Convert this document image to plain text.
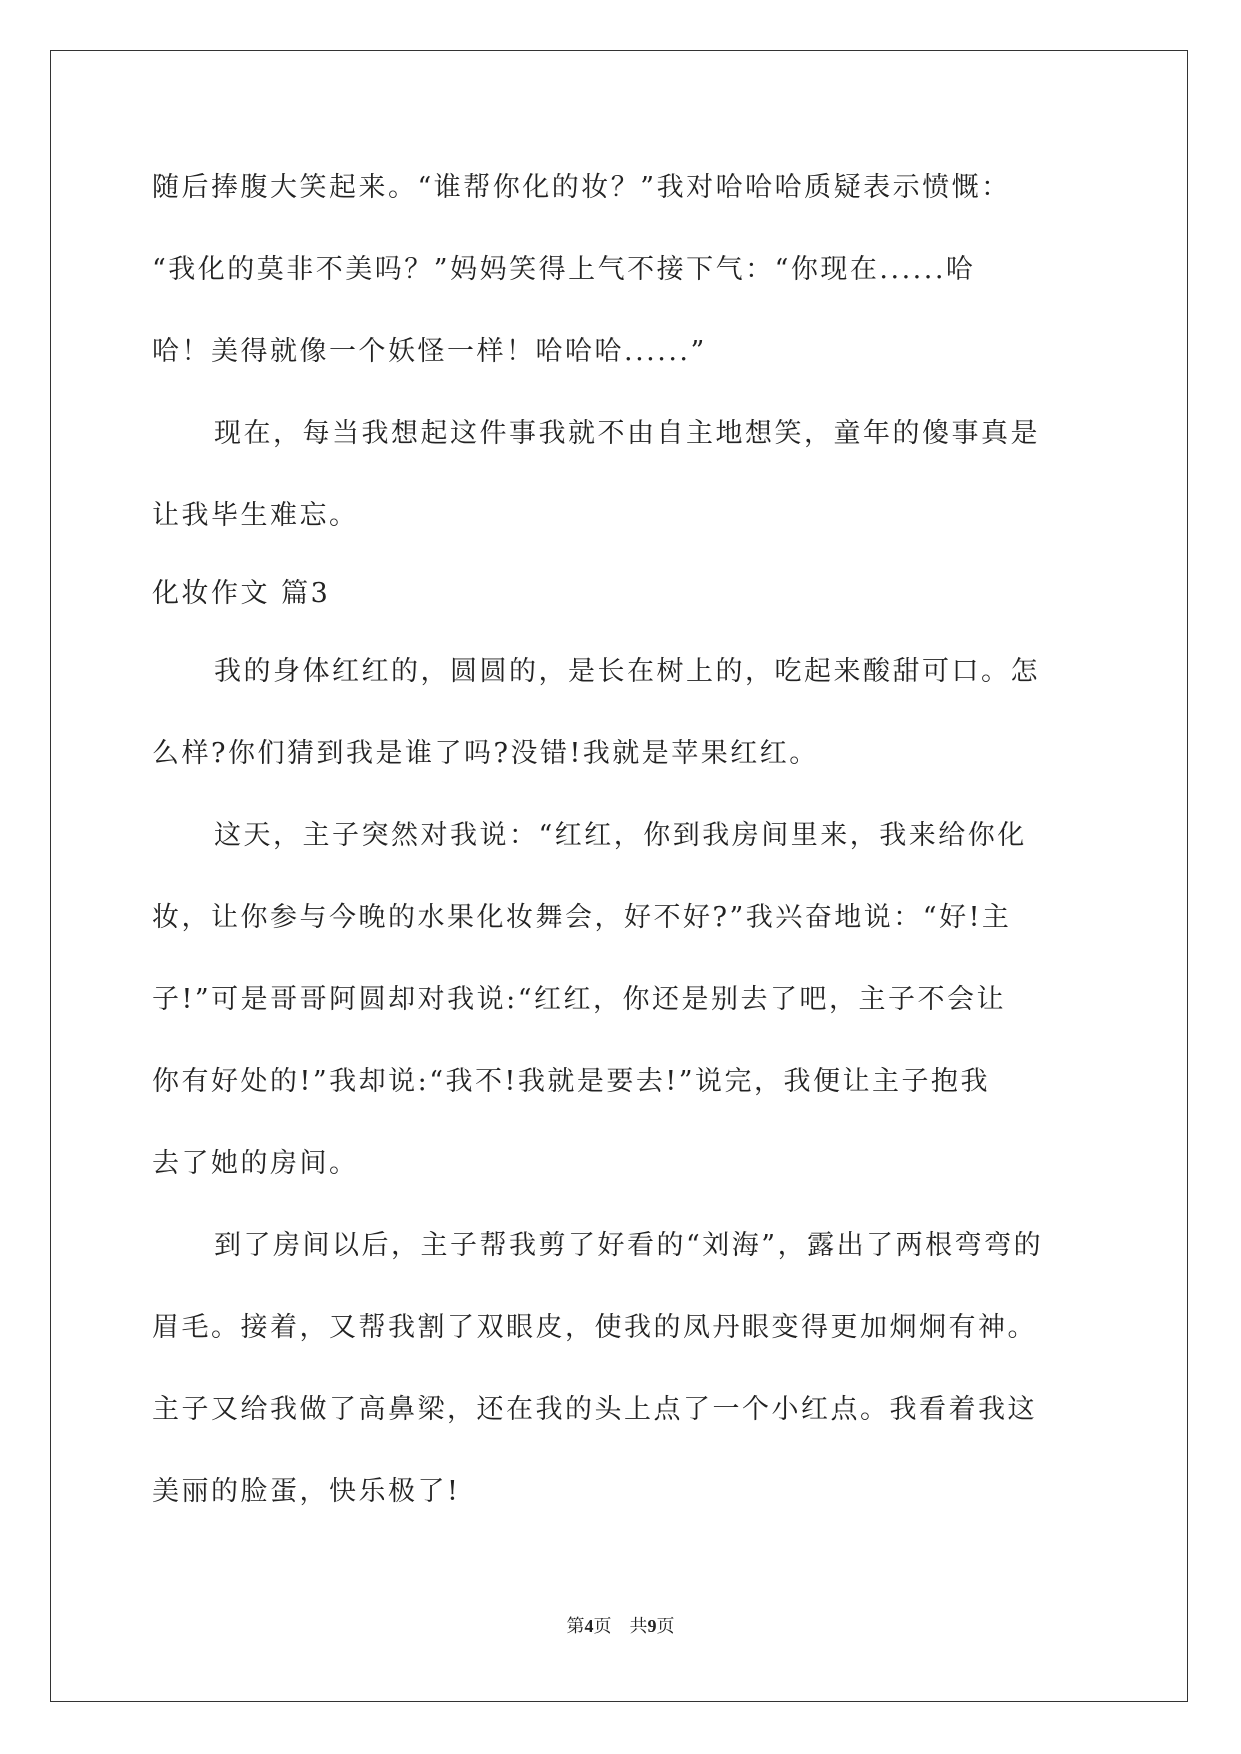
随后捧腹大笑起来。“谁帮你化的妆？”我对哈哈哈质疑表示愤慨：
“我化的莫非不美吗？”妈妈笑得上气不接下气：“你现在......哈
哈！美得就像一个妖怪一样！哈哈哈......”
现在，每当我想起这件事我就不由自主地想笑，童年的傻事真是
让我毕生难忘。
化妆作文 篇3
我的身体红红的，圆圆的，是长在树上的，吃起来酸甜可口。怎
么样?你们猜到我是谁了吗?没错!我就是苹果红红。
这天，主子突然对我说：“红红，你到我房间里来，我来给你化
妆，让你参与今晚的水果化妆舞会，好不好?”我兴奋地说：“好!主
子!”可是哥哥阿圆却对我说:“红红，你还是别去了吧，主子不会让
你有好处的!”我却说:“我不!我就是要去!”说完，我便让主子抱我
去了她的房间。
到了房间以后，主子帮我剪了好看的“刘海”，露出了两根弯弯的
眉毛。接着，又帮我割了双眼皮，使我的凤丹眼变得更加炯炯有神。
主子又给我做了高鼻梁，还在我的头上点了一个小红点。我看着我这
美丽的脸蛋，快乐极了!
第4页　共9页
